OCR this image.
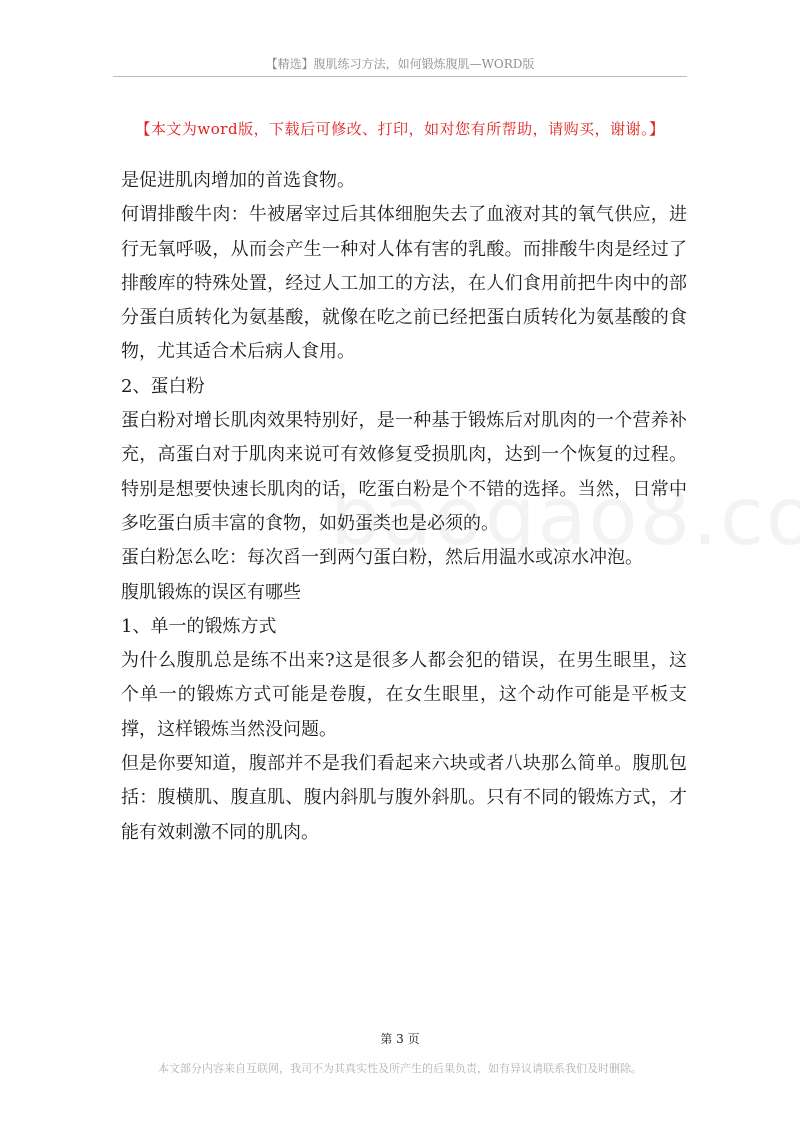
【精选】腹肌练习方法，如何锻炼腹肌—WORD版
【本文为word版，下载后可修改、打印，如对您有所帮助，请购买，谢谢。】

是促进肌肉增加的首选食物。

何谓排酸牛肉：牛被屠宰过后其体细胞失去了血液对其的氧气供应，进行无氧呼吸，从而会产生一种对人体有害的乳酸。而排酸牛肉是经过了排酸库的特殊处置，经过人工加工的方法，在人们食用前把牛肉中的部分蛋白质转化为氨基酸，就像在吃之前已经把蛋白质转化为氨基酸的食物，尤其适合术后病人食用。

2、蛋白粉

蛋白粉对增长肌肉效果特别好，是一种基于锻炼后对肌肉的一个营养补充，高蛋白对于肌肉来说可有效修复受损肌肉，达到一个恢复的过程。特别是想要快速长肌肉的话，吃蛋白粉是个不错的选择。当然，日常中多吃蛋白质丰富的食物，如奶蛋类也是必须的。

蛋白粉怎么吃：每次舀一到两勺蛋白粉，然后用温水或凉水冲泡。

腹肌锻炼的误区有哪些

1、单一的锻炼方式

为什么腹肌总是练不出来?这是很多人都会犯的错误，在男生眼里，这个单一的锻炼方式可能是卷腹，在女生眼里，这个动作可能是平板支撑，这样锻炼当然没问题。

但是你要知道，腹部并不是我们看起来六块或者八块那么简单。腹肌包括：腹横肌、腹直肌、腹内斜肌与腹外斜肌。只有不同的锻炼方式，才能有效刺激不同的肌肉。

第 3 页
本文部分内容来自互联网，我司不为其真实性及所产生的后果负责，如有异议请联系我们及时删除。
